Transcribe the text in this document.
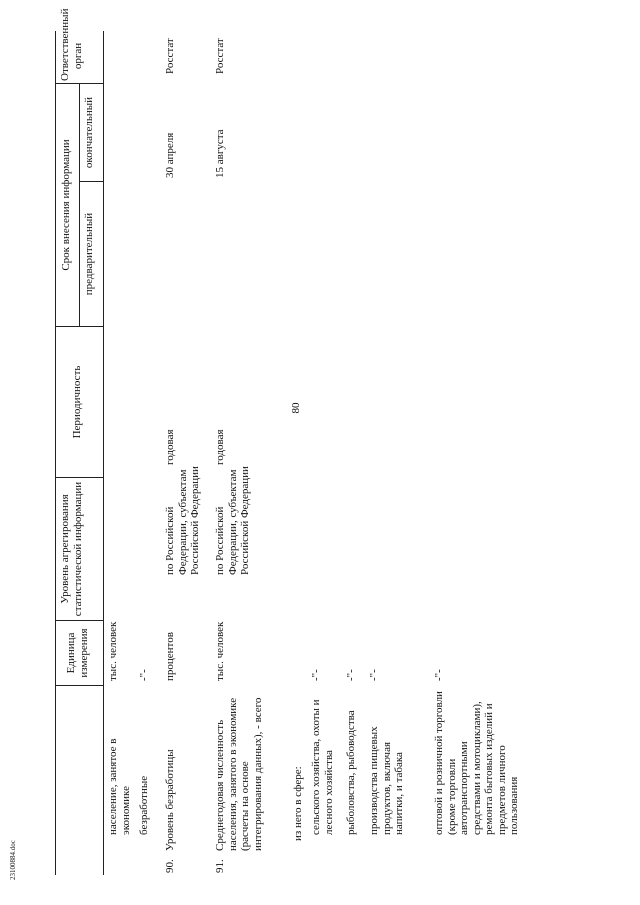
80
23100884.doc
Единица измерения
Уровень агрегирования статистической информации
Периодичность
Срок внесения информации предварительный
окончательный
Ответственный орган
население, занятое в экономике
тыс. человек
безработные
-"-
90.
Уровень безработицы
процентов
по Российской Федерации, субъектам Российской Федерации
годовая
30 апреля
Росстат
91.
Среднегодовая численность населения, занятого в экономике (расчеты на основе интегрирования данных), - всего
тыс. человек
по Российской Федерации, субъектам Российской Федерации
годовая
15 августа
Росстат
из него в сфере: сельского хозяйства, охоты и лесного хозяйства
-"-
рыболовства, рыбоводства
-"-
производства пищевых продуктов, включая напитки, и табака
-"-
оптовой и розничной торговли (кроме торговли автотранспортными средствами и мотоциклами), ремонта бытовых изделий и предметов личного пользования
-"-
